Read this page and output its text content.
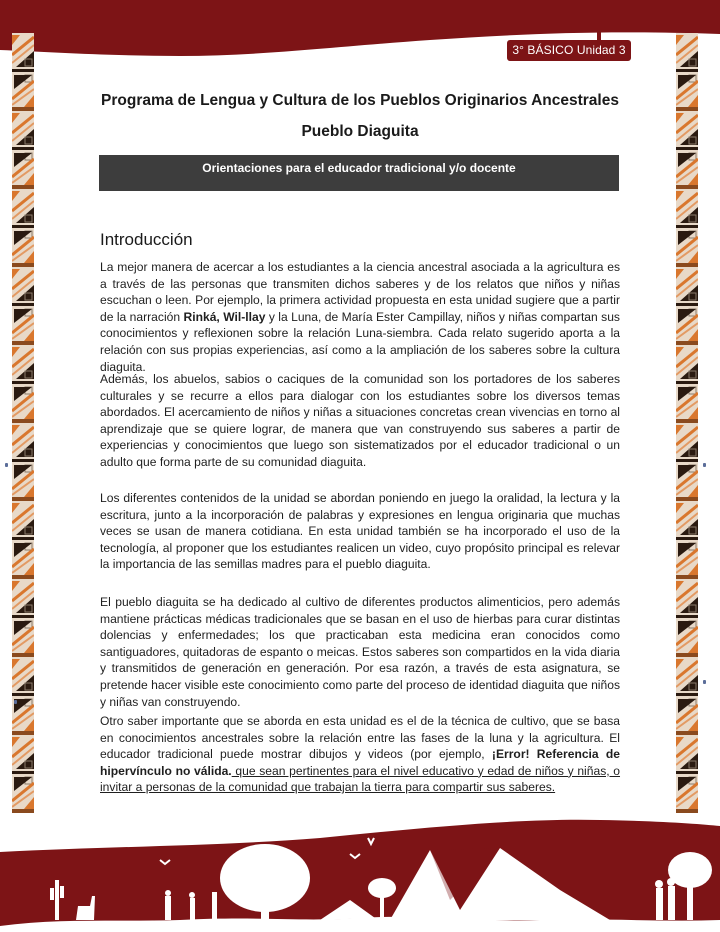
3° BÁSICO Unidad 3
Programa de Lengua y Cultura de los Pueblos Originarios Ancestrales
Pueblo Diaguita
Orientaciones para el educador tradicional y/o docente
Introducción

La mejor manera de acercar a los estudiantes a la ciencia ancestral asociada a la agricultura es a través de las personas que transmiten dichos saberes y de los relatos que niños y niñas escuchan o leen. Por ejemplo, la primera actividad propuesta en esta unidad sugiere que a partir de la narración Rinká, Wil-llay y la Luna, de María Ester Campillay, niños y niñas compartan sus conocimientos y reflexionen sobre la relación Luna-siembra. Cada relato sugerido aporta a la relación con sus propias experiencias, así como a la ampliación de los saberes sobre la cultura diaguita.

Además, los abuelos, sabios o caciques de la comunidad son los portadores de los saberes culturales y se recurre a ellos para dialogar con los estudiantes sobre los diversos temas abordados. El acercamiento de niños y niñas a situaciones concretas crean vivencias en torno al aprendizaje que se quiere lograr, de manera que van construyendo sus saberes a partir de experiencias y conocimientos que luego son sistematizados por el educador tradicional o un adulto que forma parte de su comunidad diaguita.

Los diferentes contenidos de la unidad se abordan poniendo en juego la oralidad, la lectura y la escritura, junto a la incorporación de palabras y expresiones en lengua originaria que muchas veces se usan de manera cotidiana. En esta unidad también se ha incorporado el uso de la tecnología, al proponer que los estudiantes realicen un video, cuyo propósito principal es relevar la importancia de las semillas madres para el pueblo diaguita.

El pueblo diaguita se ha dedicado al cultivo de diferentes productos alimenticios, pero además mantiene prácticas médicas tradicionales que se basan en el uso de hierbas para curar distintas dolencias y enfermedades; los que practicaban esta medicina eran conocidos como santiguadores, quitadoras de espanto o meicas. Estos saberes son compartidos en la vida diaria y transmitidos de generación en generación. Por esa razón, a través de esta asignatura, se pretende hacer visible este conocimiento como parte del proceso de identidad diaguita que niños y niñas van construyendo.

Otro saber importante que se aborda en esta unidad es el de la técnica de cultivo, que se basa en conocimientos ancestrales sobre la relación entre las fases de la luna y la agricultura. El educador tradicional puede mostrar dibujos y videos (por ejemplo, ¡Error! Referencia de hipervínculo no válida. que sean pertinentes para el nivel educativo y edad de niños y niñas, o invitar a personas de la comunidad que trabajan la tierra para compartir sus saberes.
